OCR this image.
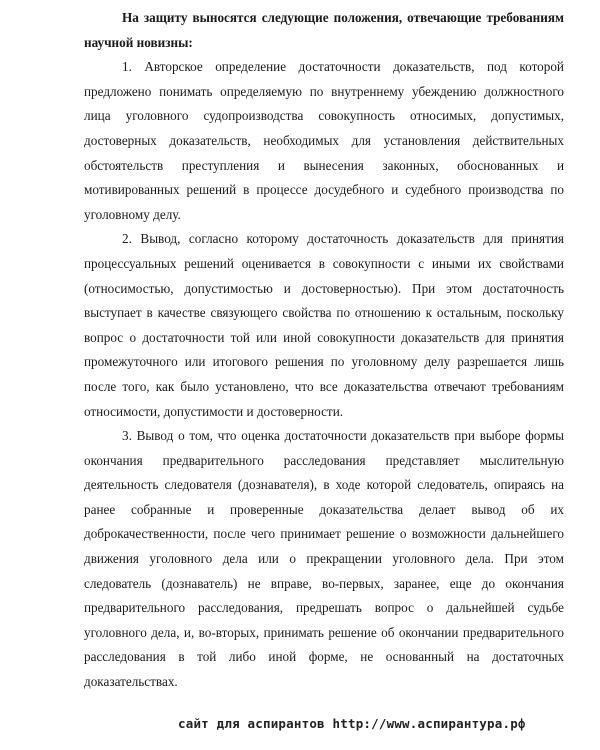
На защиту выносятся следующие положения, отвечающие требованиям научной новизны:

1. Авторское определение достаточности доказательств, под которой предложено понимать определяемую по внутреннему убеждению должностного лица уголовного судопроизводства совокупность относимых, допустимых, достоверных доказательств, необходимых для установления действительных обстоятельств преступления и вынесения законных, обоснованных и мотивированных решений в процессе досудебного и судебного производства по уголовному делу.

2. Вывод, согласно которому достаточность доказательств для принятия процессуальных решений оценивается в совокупности с иными их свойствами (относимостью, допустимостью и достоверностью). При этом достаточность выступает в качестве связующего свойства по отношению к остальным, поскольку вопрос о достаточности той или иной совокупности доказательств для принятия промежуточного или итогового решения по уголовному делу разрешается лишь после того, как было установлено, что все доказательства отвечают требованиям относимости, допустимости и достоверности.

3. Вывод о том, что оценка достаточности доказательств при выборе формы окончания предварительного расследования представляет мыслительную деятельность следователя (дознавателя), в ходе которой следователь, опираясь на ранее собранные и проверенные доказательства делает вывод об их доброкачественности, после чего принимает решение о возможности дальнейшего движения уголовного дела или о прекращении уголовного дела. При этом следователь (дознаватель) не вправе, во-первых, заранее, еще до окончания предварительного расследования, предрешать вопрос о дальнейшей судьбе уголовного дела, и, во-вторых, принимать решение об окончании предварительного расследования в той либо иной форме, не основанный на достаточных доказательствах.

сайт для аспирантов http://www.аспирантура.рф
